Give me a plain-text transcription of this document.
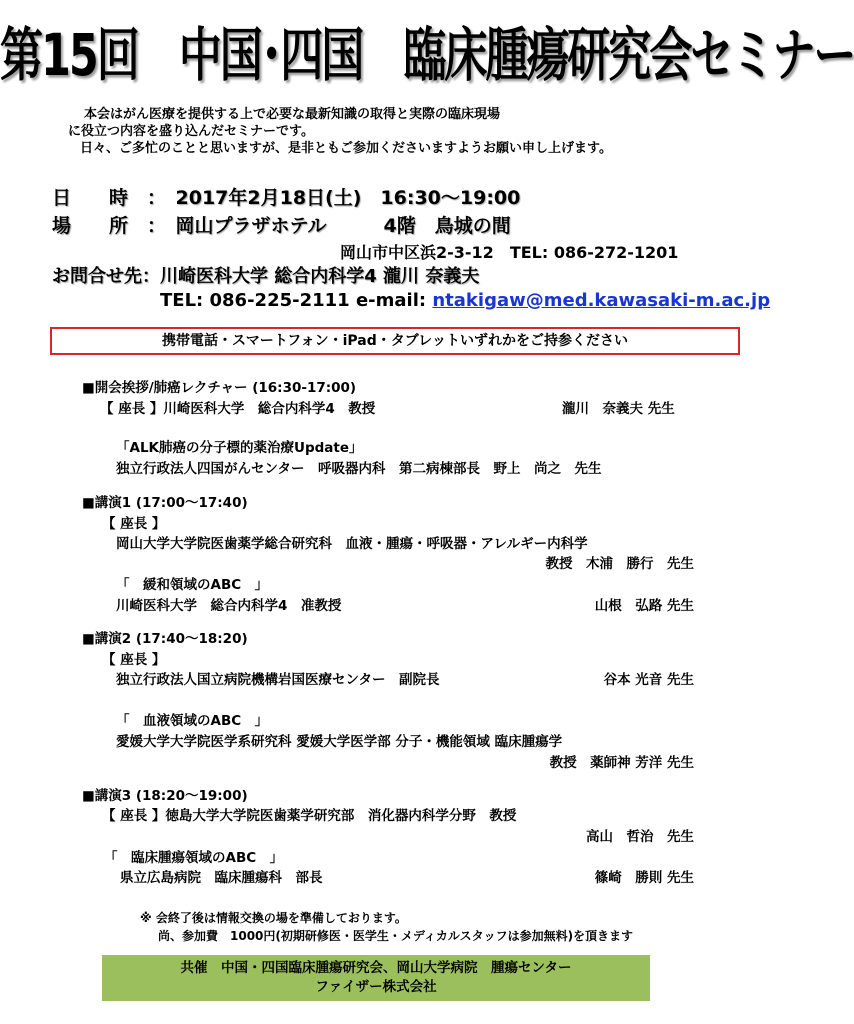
第15回　中国･四国　臨床腫瘍研究会セミナー
本会はがん医療を提供する上で必要な最新知識の取得と実際の臨床現場
に役立つ内容を盛り込んだセミナーです。
日々、ご多忙のことと思いますが、是非ともご参加くださいますようお願い申し上げます。
日　　時　：　2017年2月18日(土)　16:30～19:00
場　　所　：　岡山プラザホテル　　　4階　鳥城の間
岡山市中区浜2-3-12　TEL: 086-272-1201
お問合せ先：川崎医科大学 総合内科学4 瀧川 奈義夫
TEL: 086-225-2111 e-mail: ntakigaw@med.kawasaki-m.ac.jp
携帯電話・スマートフォン・iPad・タブレットいずれかをご持参ください
■開会挨拶/肺癌レクチャー (16:30-17:00)
【 座長 】川崎医科大学　総合内科学4　教授	瀧川　奈義夫 先生
「ALK肺癌の分子標的薬治療Update」
独立行政法人四国がんセンター　呼吸器内科　第二病棟部長　野上　尚之　先生
■講演1 (17:00～17:40)
【 座長 】
岡山大学大学院医歯薬学総合研究科　血液・腫瘍・呼吸器・アレルギー内科学
教授　木浦　勝行　先生
「　緩和領域のABC　」
川崎医科大学　総合内科学4　准教授	山根　弘路 先生
■講演2 (17:40～18:20)
【 座長 】
独立行政法人国立病院機構岩国医療センター　副院長	谷本 光音 先生
「　血液領域のABC　」
愛媛大学大学院医学系研究科 愛媛大学医学部 分子・機能領域 臨床腫瘍学
教授　薬師神 芳洋 先生
■講演3 (18:20～19:00)
【 座長 】徳島大学大学院医歯薬学研究部　消化器内科学分野　教授
高山　哲治　先生
「　臨床腫瘍領域のABC　」
県立広島病院　臨床腫瘍科　部長	篠崎　勝則 先生
※ 会終了後は情報交換の場を準備しております。
尚、参加費　1000円(初期研修医・医学生・メディカルスタッフは参加無料)を頂きます
共催　中国・四国臨床腫瘍研究会、岡山大学病院　腫瘍センター
ファイザー株式会社
